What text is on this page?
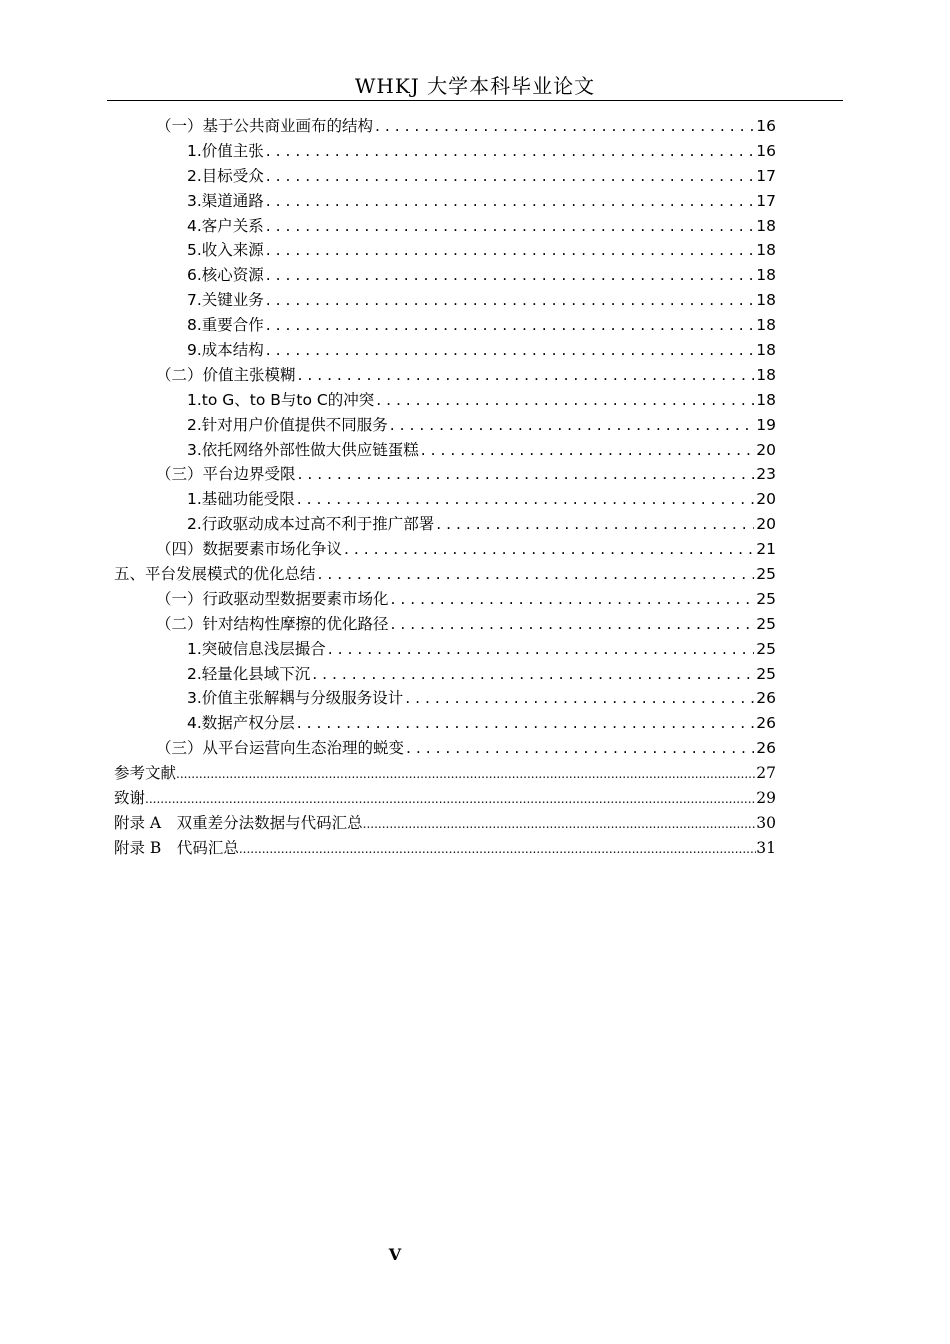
WHKJ 大学本科毕业论文
（一）基于公共商业画布的结构 . . .	16
1.价值主张 . . .	16
2.目标受众 . . .	17
3.渠道通路 . . .	17
4.客户关系 . . .	18
5.收入来源 . . .	18
6.核心资源 . . .	18
7.关键业务 . . .	18
8.重要合作 . . .	18
9.成本结构 . . .	18
（二）价值主张模糊 . . .	18
1.to G、to B与to C的冲突 . . .	18
2.针对用户价值提供不同服务 . . .	19
3.依托网络外部性做大供应链蛋糕 . . .	20
（三）平台边界受限 . . .	23
1.基础功能受限 . . .	20
2.行政驱动成本过高不利于推广部署 . . .	20
（四）数据要素市场化争议 . . .	21
五、平台发展模式的优化总结 . . .	25
（一）行政驱动型数据要素市场化 . . .	25
（二）针对结构性摩擦的优化路径 . . .	25
1.突破信息浅层撮合 . . .	25
2.轻量化县域下沉 . . .	25
3.价值主张解耦与分级服务设计 . . .	26
4.数据产权分层 . . .	26
（三）从平台运营向生态治理的蜕变 . . .	26
参考文献 .....	27
致谢 .....	29
附录 A　双重差分法数据与代码汇总 .....	30
附录 B　代码汇总 .....	31
V
